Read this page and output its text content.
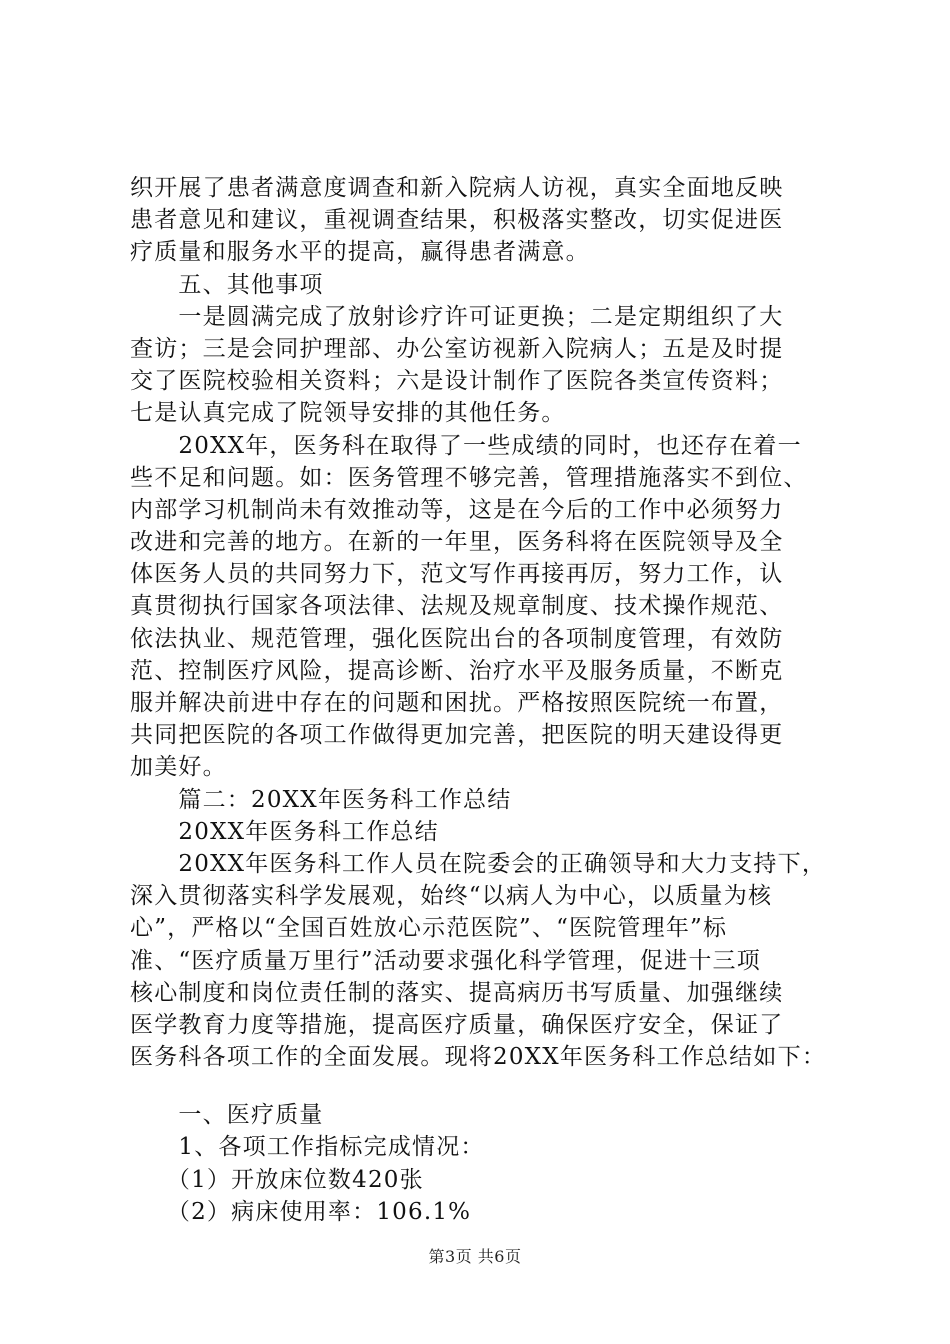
织开展了患者满意度调查和新入院病人访视，真实全面地反映
患者意见和建议，重视调查结果，积极落实整改，切实促进医
疗质量和服务水平的提高，赢得患者满意。
　　五、其他事项
　　一是圆满完成了放射诊疗许可证更换；二是定期组织了大
查访；三是会同护理部、办公室访视新入院病人；五是及时提
交了医院校验相关资料；六是设计制作了医院各类宣传资料；
七是认真完成了院领导安排的其他任务。
　　20XX年，医务科在取得了一些成绩的同时，也还存在着一
些不足和问题。如：医务管理不够完善，管理措施落实不到位、
内部学习机制尚未有效推动等，这是在今后的工作中必须努力
改进和完善的地方。在新的一年里，医务科将在医院领导及全
体医务人员的共同努力下，范文写作再接再厉，努力工作，认
真贯彻执行国家各项法律、法规及规章制度、技术操作规范、
依法执业、规范管理，强化医院出台的各项制度管理，有效防
范、控制医疗风险，提高诊断、治疗水平及服务质量，不断克
服并解决前进中存在的问题和困扰。严格按照医院统一布置，
共同把医院的各项工作做得更加完善，把医院的明天建设得更
加美好。
　　篇二：20XX年医务科工作总结
　　20XX年医务科工作总结
　　20XX年医务科工作人员在院委会的正确领导和大力支持下，
深入贯彻落实科学发展观，始终“以病人为中心，以质量为核
心”，严格以“全国百姓放心示范医院”、“医院管理年”标
准、“医疗质量万里行”活动要求强化科学管理，促进十三项
核心制度和岗位责任制的落实、提高病历书写质量、加强继续
医学教育力度等措施，提高医疗质量，确保医疗安全，保证了
医务科各项工作的全面发展。现将20XX年医务科工作总结如下：
　　一、医疗质量
　　1、各项工作指标完成情况：
　　（1）开放床位数420张
　　（2）病床使用率：106.1%
第3页 共6页
